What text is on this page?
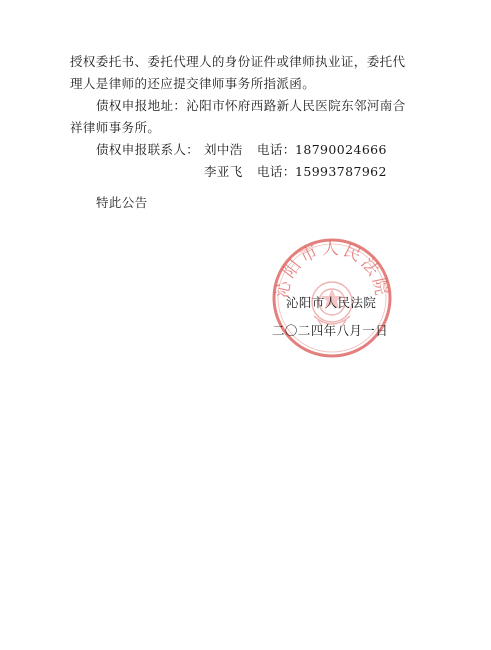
授权委托书、委托代理人的身份证件或律师执业证，委托代
理人是律师的还应提交律师事务所指派函。
债权申报地址：沁阳市怀府西路新人民医院东邻河南合
祥律师事务所。
债权申报联系人： 刘中浩 电话： 18790024666
李亚飞 电话： 15993787962
特此公告
沁阳市人民法院
沁阳市人民法院
二〇二四年八月一日
